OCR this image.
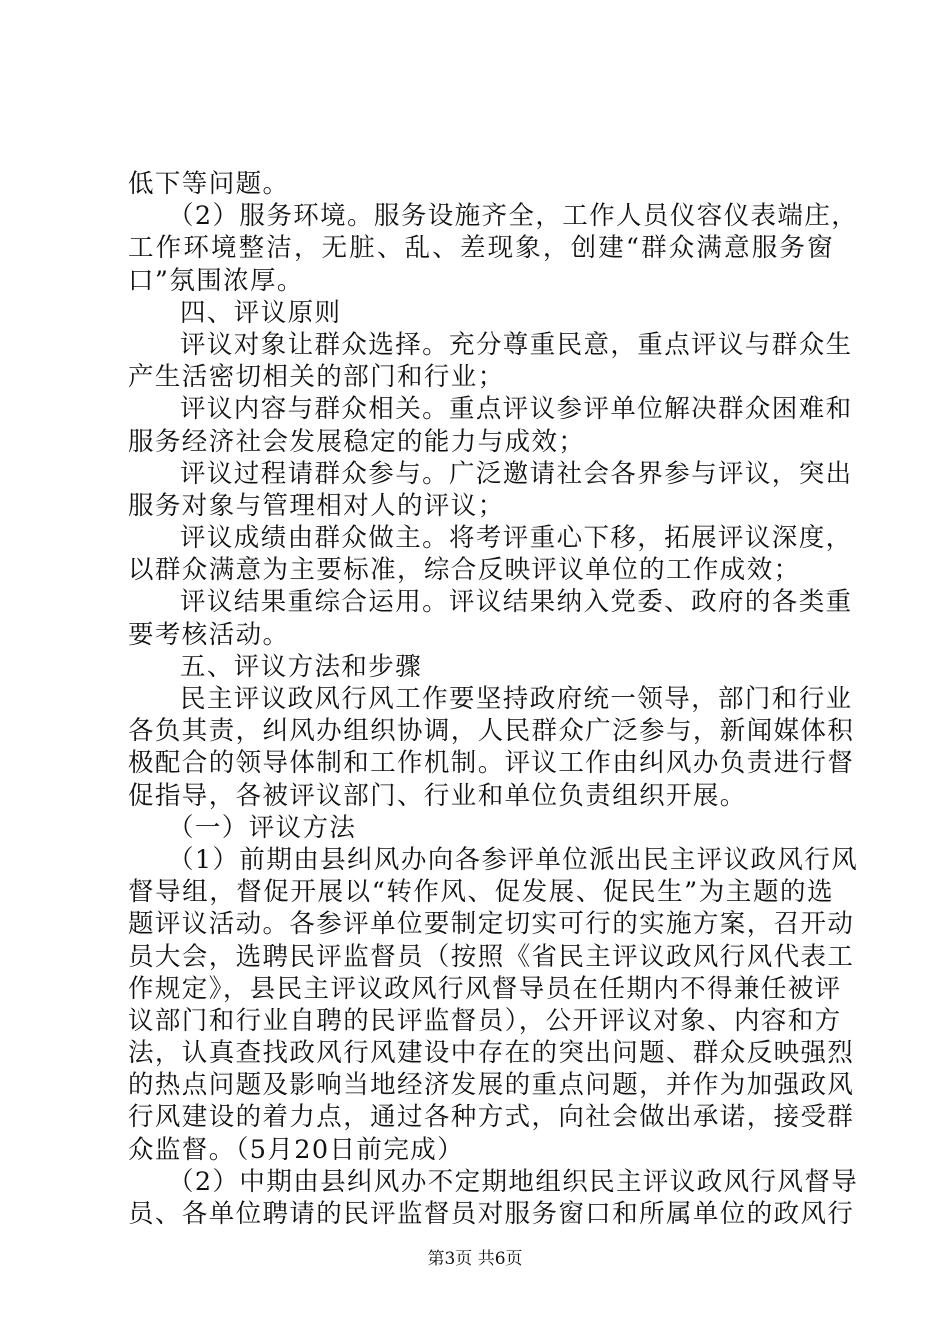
低下等问题。
（2）服务环境。服务设施齐全，工作人员仪容仪表端庄，
工作环境整洁，无脏、乱、差现象，创建“群众满意服务窗
口”氛围浓厚。
四、评议原则
评议对象让群众选择。充分尊重民意，重点评议与群众生
产生活密切相关的部门和行业；
评议内容与群众相关。重点评议参评单位解决群众困难和
服务经济社会发展稳定的能力与成效；
评议过程请群众参与。广泛邀请社会各界参与评议，突出
服务对象与管理相对人的评议；
评议成绩由群众做主。将考评重心下移，拓展评议深度，
以群众满意为主要标准，综合反映评议单位的工作成效；
评议结果重综合运用。评议结果纳入党委、政府的各类重
要考核活动。
五、评议方法和步骤
民主评议政风行风工作要坚持政府统一领导，部门和行业
各负其责，纠风办组织协调，人民群众广泛参与，新闻媒体积
极配合的领导体制和工作机制。评议工作由纠风办负责进行督
促指导，各被评议部门、行业和单位负责组织开展。
（一）评议方法
（1）前期由县纠风办向各参评单位派出民主评议政风行风
督导组，督促开展以“转作风、促发展、促民生”为主题的选
题评议活动。各参评单位要制定切实可行的实施方案，召开动
员大会，选聘民评监督员（按照《省民主评议政风行风代表工
作规定》，县民主评议政风行风督导员在任期内不得兼任被评
议部门和行业自聘的民评监督员），公开评议对象、内容和方
法，认真查找政风行风建设中存在的突出问题、群众反映强烈
的热点问题及影响当地经济发展的重点问题，并作为加强政风
行风建设的着力点，通过各种方式，向社会做出承诺，接受群
众监督。（5月20日前完成）
（2）中期由县纠风办不定期地组织民主评议政风行风督导
员、各单位聘请的民评监督员对服务窗口和所属单位的政风行
第3页 共6页
